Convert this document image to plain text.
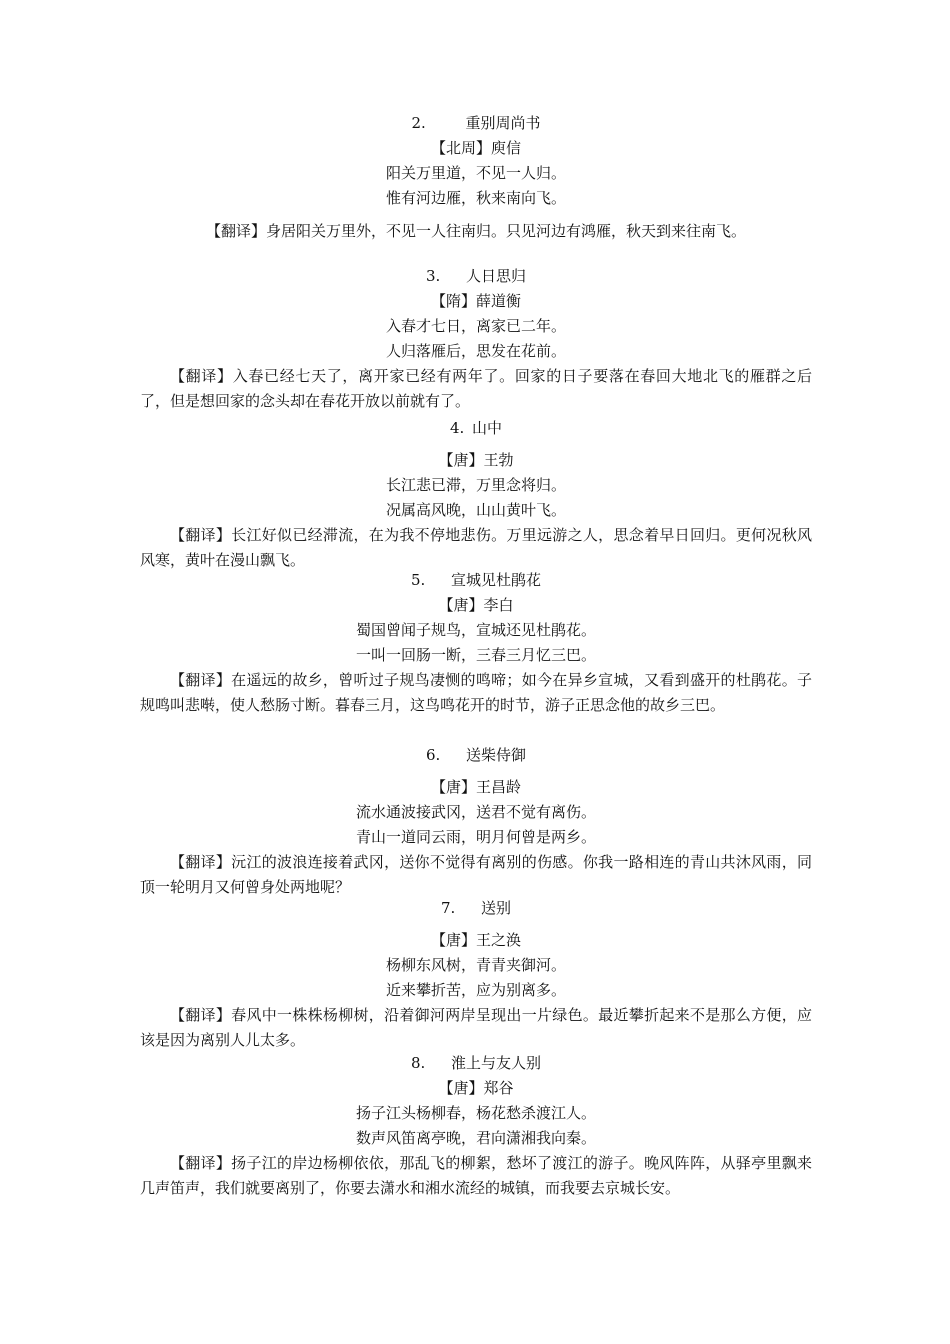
2.	重别周尚书
【北周】庾信
阳关万里道，不见一人归。
惟有河边雁，秋来南向飞。
【翻译】身居阳关万里外，不见一人往南归。只见河边有鸿雁，秋天到来往南飞。
3. 人日思归
【隋】薛道衡
入春才七日，离家已二年。
人归落雁后，思发在花前。
【翻译】入春已经七天了，离开家已经有两年了。回家的日子要落在春回大地北飞的雁群之后了，但是想回家的念头却在春花开放以前就有了。
4. 山中
【唐】王勃
长江悲已滞，万里念将归。
况属高风晚，山山黄叶飞。
【翻译】长江好似已经滞流，在为我不停地悲伤。万里远游之人，思念着早日回归。更何况秋风风寒，黄叶在漫山飘飞。
5. 宣城见杜鹃花
【唐】李白
蜀国曾闻子规鸟，宣城还见杜鹃花。
一叫一回肠一断，三春三月忆三巴。
【翻译】在遥远的故乡，曾听过子规鸟凄恻的鸣啼；如今在异乡宣城，又看到盛开的杜鹃花。子规鸣叫悲啭，使人愁肠寸断。暮春三月，这鸟鸣花开的时节，游子正思念他的故乡三巴。
6. 送柴侍御
【唐】王昌龄
流水通波接武冈，送君不觉有离伤。
青山一道同云雨，明月何曾是两乡。
【翻译】沅江的波浪连接着武冈，送你不觉得有离别的伤感。你我一路相连的青山共沐风雨，同顶一轮明月又何曾身处两地呢？
7. 送别
【唐】王之涣
杨柳东风树，青青夹御河。
近来攀折苦，应为别离多。
【翻译】春风中一株株杨柳树，沿着御河两岸呈现出一片绿色。最近攀折起来不是那么方便，应该是因为离别人儿太多。
8. 淮上与友人别
【唐】郑谷
扬子江头杨柳春，杨花愁杀渡江人。
数声风笛离亭晚，君向潇湘我向秦。
【翻译】扬子江的岸边杨柳依依，那乱飞的柳絮，愁坏了渡江的游子。晚风阵阵，从驿亭里飘来几声笛声，我们就要离别了，你要去潇水和湘水流经的城镇，而我要去京城长安。
